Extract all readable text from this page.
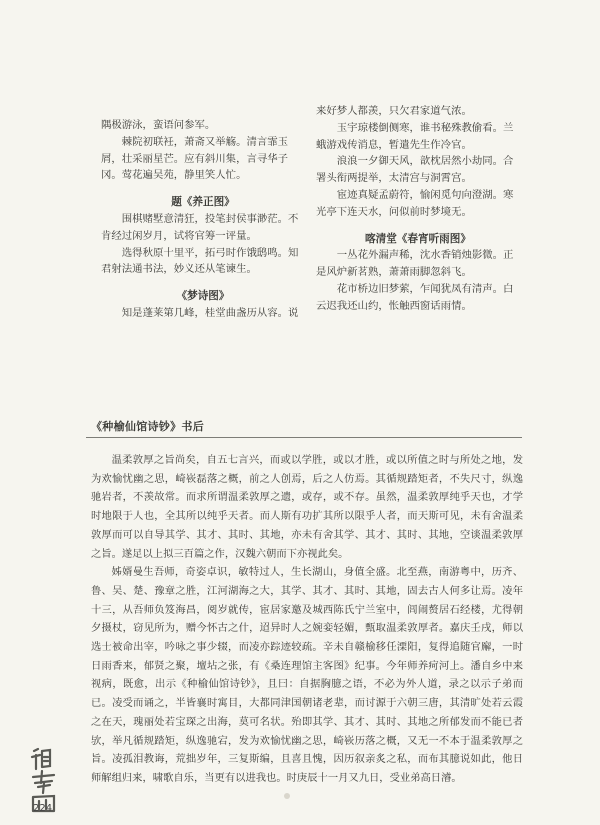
隅极游泳，蛮语问参军。

棘院初联衽，萧斋又举觞。清言霏玉屑，壮采丽星芒。应有斜川集，言寻华子冈。莺花遍吴苑，静里笑人忙。

题《养正图》

围棋赌墅意清狂，投笔封侯事渺茫。不肯经过闲岁月，试将官筹一评量。

选得秋原十里平，拓弓时作饿鸱鸣。知君射法通书法，妙义还从笔谏生。

《梦诗图》

知是蓬莱第几峰，桂堂曲盏历从容。说

来好梦人都羡，只欠君家道气浓。

玉宇琼楼倒侧寒，谁书秘殊教偷看。兰蛾游戏传消息，暂遣先生作冷官。

浪浪一夕御天风，歆枕居然小劫同。合署头衔两提举，太清宫与洞霄宫。

宦迹真疑孟蔚符，愉闲觅句向澄湖。寒光亭下连天水，问似前时梦境无。

喀清堂《春宵听雨图》

一丛花外漏声稀，沈水香销烛影微。正是风炉新茗熟，萧萧雨脚忽斜飞。

花市桥边旧梦萦，乍闻犹凤有清声。白云迟我还山约，怅触西窗话雨情。

《种榆仙馆诗钞》书后

温柔敦厚之旨尚矣，自五七言兴，而或以学胜，或以才胜，或以所值之时与所处之地，发为欢愉忧幽之思，崎嵚磊落之概，前之人创焉，后之人仿焉。其循规踏矩者，不失尺寸，纵逸驰岩者，不羡故常。而求所谓温柔敦厚之遗，或存，或不存。虽然，温柔敦厚纯乎天也，才学时地限于人也，全其所以纯乎天者。而人斯有功扩其所以限乎人者，而天斯可见，未有舍温柔敦厚而可以自导其学、其才、其时、其地，亦未有舍其学、其才、其时、其地，空谈温柔敦厚之旨。遂足以上拟三百篇之作，汉魏六朝而下亦视此矣。

姊婿曼生吾师，奇姿卓识，敏特过人，生长湖山，身值全盛。北至燕，南游粤中，历齐、鲁、吴、楚、豫章之胜，江河湖海之大，其学、其才、其时、其地，固去古人何多让焉。凌年十三，从吾师负笈海昌，阅岁就传，宦居家邀及城西陈氏宁兰室中，闾闹赘居石经楼，尤得朝夕摄杖，窃见所为，赠今怀古之什，迢异时人之婉娈轻媚，甄取温柔敦厚者。嘉庆壬戌，师以选士被命出宰，吟咏之事少辍，而凌亦踪迹较疏。辛未自赣榆移任溧阳，复得追随官廨，一时日雨香来，郁贤之聚，壇坫之张，有《桑连理馆主客图》纪事。今年师养疴河上。潘自乡中来视病，既愈，出示《种榆仙馆诗钞》，且曰：自据胸臆之语，不必为外人道，录之以示子弟而已。凌受而诵之，半皆襄时寓目，大都同津国朝诸老辈，而讨源于六朝三唐，其清旷处若云霞之在天，瑰丽处若宝琛之出海，莫可名状。殆即其学、其才、其时、其地之所郁发而不能已者欤，举凡循规踏矩，纵逸驰宕，发为欢愉忧幽之思，崎嵚历落之概，又无一不本于温柔敦厚之旨。凌孤泪教诲，荒拙岁年，三复斯编，且喜且愧，因历叙亲炙之私，而布其臆说如此，他日师解组归来，啸歌自乐，当更有以进我也。时庚辰十一月又九日，受业弟高日濬。

224
